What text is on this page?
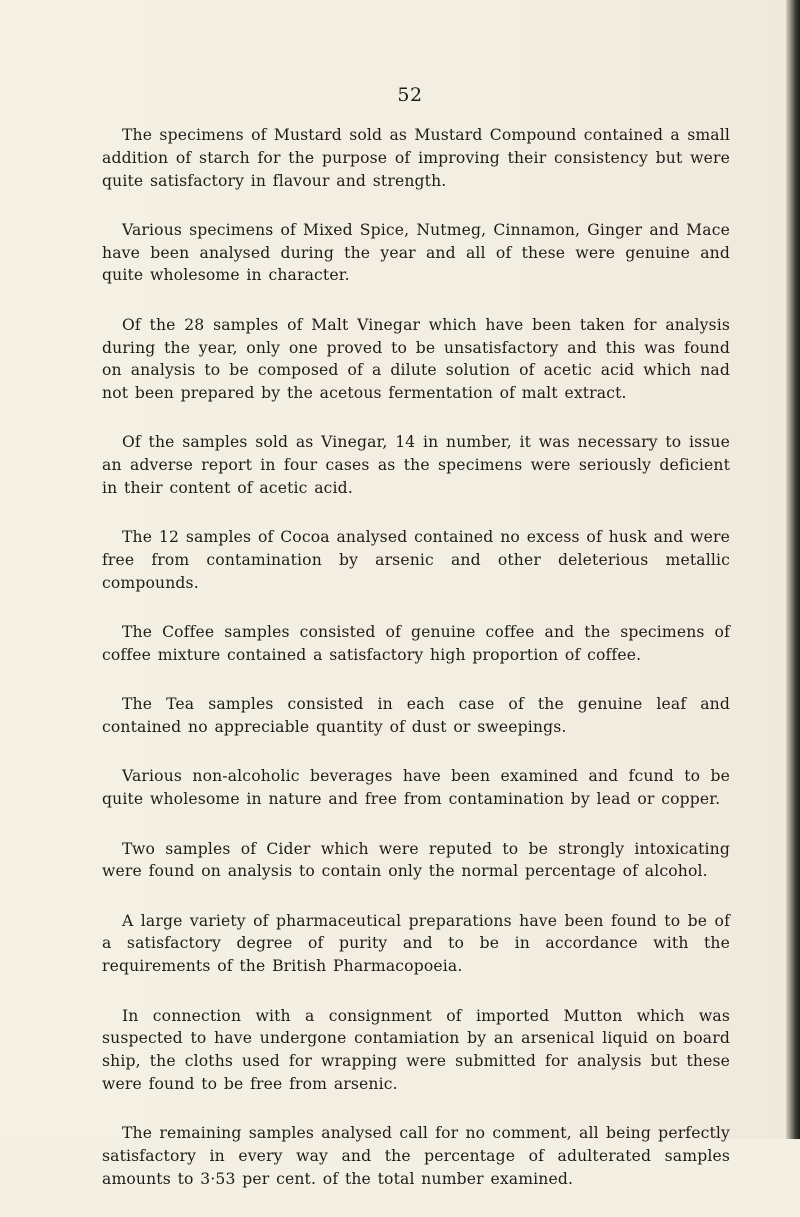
52

The specimens of Mustard sold as Mustard Compound contained a small addition of starch for the purpose of improving their consistency but were quite satisfactory in flavour and strength.

Various specimens of Mixed Spice, Nutmeg, Cinnamon, Ginger and Mace have been analysed during the year and all of these were genuine and quite wholesome in character.

Of the 28 samples of Malt Vinegar which have been taken for analysis during the year, only one proved to be unsatisfactory and this was found on analysis to be composed of a dilute solution of acetic acid which nad not been prepared by the acetous fermentation of malt extract.

Of the samples sold as Vinegar, 14 in number, it was necessary to issue an adverse report in four cases as the specimens were seriously deficient in their content of acetic acid.

The 12 samples of Cocoa analysed contained no excess of husk and were free from contamination by arsenic and other deleterious metallic compounds.

The Coffee samples consisted of genuine coffee and the specimens of coffee mixture contained a satisfactory high proportion of coffee.

The Tea samples consisted in each case of the genuine leaf and contained no appreciable quantity of dust or sweepings.

Various non-alcoholic beverages have been examined and fcund to be quite wholesome in nature and free from contamination by lead or copper.

Two samples of Cider which were reputed to be strongly intoxicating were found on analysis to contain only the normal percentage of alcohol.

A large variety of pharmaceutical preparations have been found to be of a satisfactory degree of purity and to be in accordance with the requirements of the British Pharmacopoeia.

In connection with a consignment of imported Mutton which was suspected to have undergone contamiation by an arsenical liquid on board ship, the cloths used for wrapping were submitted for analysis but these were found to be free from arsenic.

The remaining samples analysed call for no comment, all being perfectly satisfactory in every way and the percentage of adulterated samples amounts to 3·53 per cent. of the total number examined.
